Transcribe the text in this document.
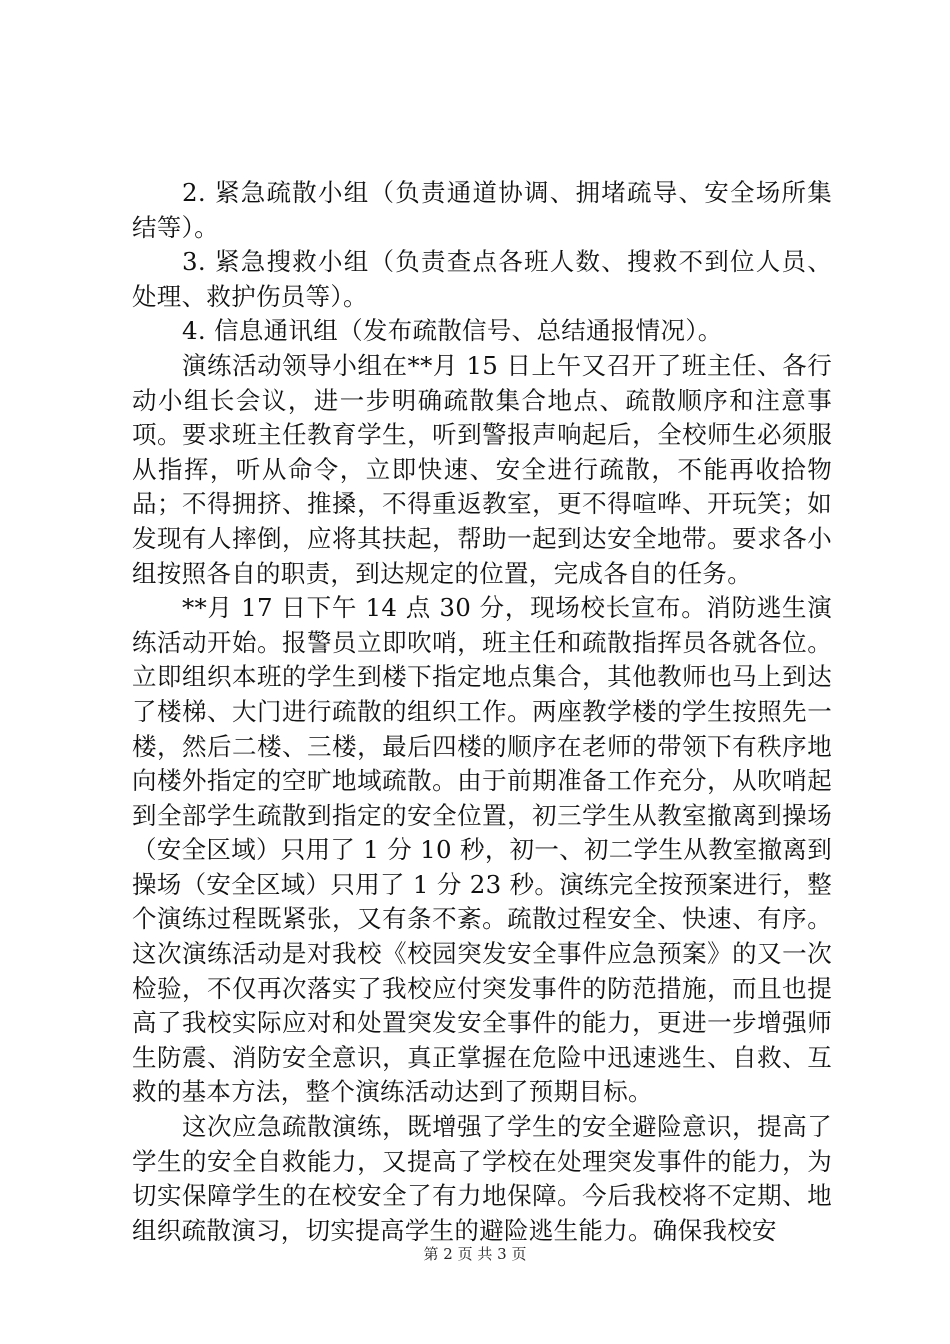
2. 紧急疏散小组（负责通道协调、拥堵疏导、安全场所集结等）。

3. 紧急搜救小组（负责查点各班人数、搜救不到位人员、处理、救护伤员等）。

4. 信息通讯组（发布疏散信号、总结通报情况）。

演练活动领导小组在**月 15 日上午又召开了班主任、各行动小组长会议，进一步明确疏散集合地点、疏散顺序和注意事项。要求班主任教育学生，听到警报声响起后，全校师生必须服从指挥，听从命令，立即快速、安全进行疏散，不能再收拾物品；不得拥挤、推搡，不得重返教室，更不得喧哗、开玩笑；如发现有人摔倒，应将其扶起，帮助一起到达安全地带。要求各小组按照各自的职责，到达规定的位置，完成各自的任务。

**月 17 日下午 14 点 30 分，现场校长宣布。消防逃生演练活动开始。报警员立即吹哨，班主任和疏散指挥员各就各位。立即组织本班的学生到楼下指定地点集合，其他教师也马上到达了楼梯、大门进行疏散的组织工作。两座教学楼的学生按照先一楼，然后二楼、三楼，最后四楼的顺序在老师的带领下有秩序地向楼外指定的空旷地域疏散。由于前期准备工作充分，从吹哨起到全部学生疏散到指定的安全位置，初三学生从教室撤离到操场（安全区域）只用了 1 分 10 秒，初一、初二学生从教室撤离到操场（安全区域）只用了 1 分 23 秒。演练完全按预案进行，整个演练过程既紧张，又有条不紊。疏散过程安全、快速、有序。这次演练活动是对我校《校园突发安全事件应急预案》的又一次检验，不仅再次落实了我校应付突发事件的防范措施，而且也提高了我校实际应对和处置突发安全事件的能力，更进一步增强师生防震、消防安全意识，真正掌握在危险中迅速逃生、自救、互救的基本方法，整个演练活动达到了预期目标。

这次应急疏散演练，既增强了学生的安全避险意识，提高了学生的安全自救能力，又提高了学校在处理突发事件的能力，为切实保障学生的在校安全了有力地保障。今后我校将不定期、地组织疏散演习，切实提高学生的避险逃生能力。确保我校安

第 2 页 共 3 页
